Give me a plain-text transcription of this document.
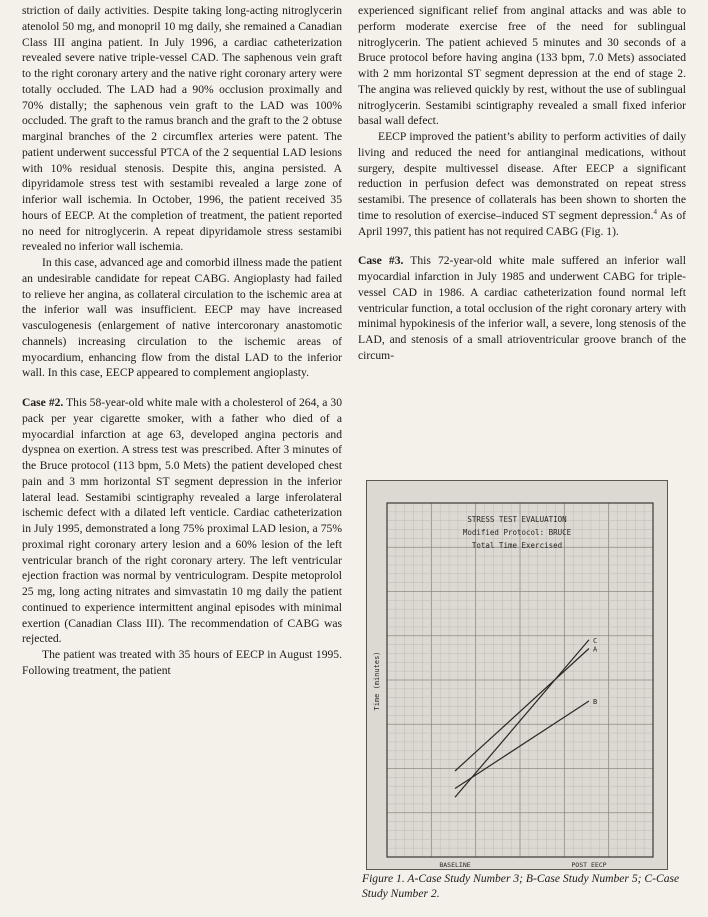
striction of daily activities. Despite taking long-acting nitroglycerin atenolol 50 mg, and monopril 10 mg daily, she remained a Canadian Class III angina patient. In July 1996, a cardiac catheterization revealed severe native triple-vessel CAD. The saphenous vein graft to the right coronary artery and the native right coronary artery were totally occluded. The LAD had a 90% occlusion proximally and 70% distally; the saphenous vein graft to the LAD was 100% occluded. The graft to the ramus branch and the graft to the 2 obtuse marginal branches of the 2 circumflex arteries were patent. The patient underwent successful PTCA of the 2 sequential LAD lesions with 10% residual stenosis. Despite this, angina persisted. A dipyridamole stress test with sestamibi revealed a large zone of inferior wall ischemia. In October, 1996, the patient received 35 hours of EECP. At the completion of treatment, the patient reported no need for nitroglycerin. A repeat dipyridamole stress sestamibi revealed no inferior wall ischemia.

In this case, advanced age and comorbid illness made the patient an undesirable candidate for repeat CABG. Angioplasty had failed to relieve her angina, as collateral circulation to the ischemic area at the inferior wall was insufficient. EECP may have increased vasculogenesis (enlargement of native intercoronary anastomotic channels) increasing circulation to the ischemic areas of myocardium, enhancing flow from the distal LAD to the inferior wall. In this case, EECP appeared to complement angioplasty.

Case #2. This 58-year-old white male with a cholesterol of 264, a 30 pack per year cigarette smoker, with a father who died of a myocardial infarction at age 63, developed angina pectoris and dyspnea on exertion. A stress test was prescribed. After 3 minutes of the Bruce protocol (113 bpm, 5.0 Mets) the patient developed chest pain and 3 mm horizontal ST segment depression in the inferior lateral lead. Sestamibi scintigraphy revealed a large inferolateral ischemic defect with a dilated left venticle. Cardiac catheterization in July 1995, demonstrated a long 75% proximal LAD lesion, a 75% proximal right coronary artery lesion and a 60% lesion of the left ventricular branch of the right coronary artery. The left ventricular ejection fraction was normal by ventriculogram. Despite metoprolol 25 mg, long acting nitrates and simvastatin 10 mg daily the patient continued to experience intermittent anginal episodes with minimal exertion (Canadian Class III). The recommendation of CABG was rejected.

The patient was treated with 35 hours of EECP in August 1995. Following treatment, the patient

experienced significant relief from anginal attacks and was able to perform moderate exercise free of the need for sublingual nitroglycerin. The patient achieved 5 minutes and 30 seconds of a Bruce protocol before having angina (133 bpm, 7.0 Mets) associated with 2 mm horizontal ST segment depression at the end of stage 2. The angina was relieved quickly by rest, without the use of sublingual nitroglycerin. Sestamibi scintigraphy revealed a small fixed inferior basal wall defect.

EECP improved the patient’s ability to perform activities of daily living and reduced the need for antianginal medications, without surgery, despite multivessel disease. After EECP a significant reduction in perfusion defect was demonstrated on repeat stress sestamibi. The presence of collaterals has been shown to shorten the time to resolution of exercise–induced ST segment depression.$^4$ As of April 1997, this patient has not required CABG (Fig. 1).

Case #3. This 72-year-old white male suffered an inferior wall myocardial infarction in July 1985 and underwent CABG for triple-vessel CAD in 1986. A cardiac catheterization found normal left ventricular function, a total occlusion of the right coronary artery with minimal hypokinesis of the inferior wall, a severe, long stenosis of the LAD, and stenosis of a small atrioventricular groove branch of the circum-

STRESS TEST EVALUATION
Modified Protocol: BRUCE
Total Time Exercised
Time (minutes)
BASELINE	POST EECP
A
B
C
Figure 1. A-Case Study Number 3; B-Case Study Number 5; C-Case Study Number 2.
